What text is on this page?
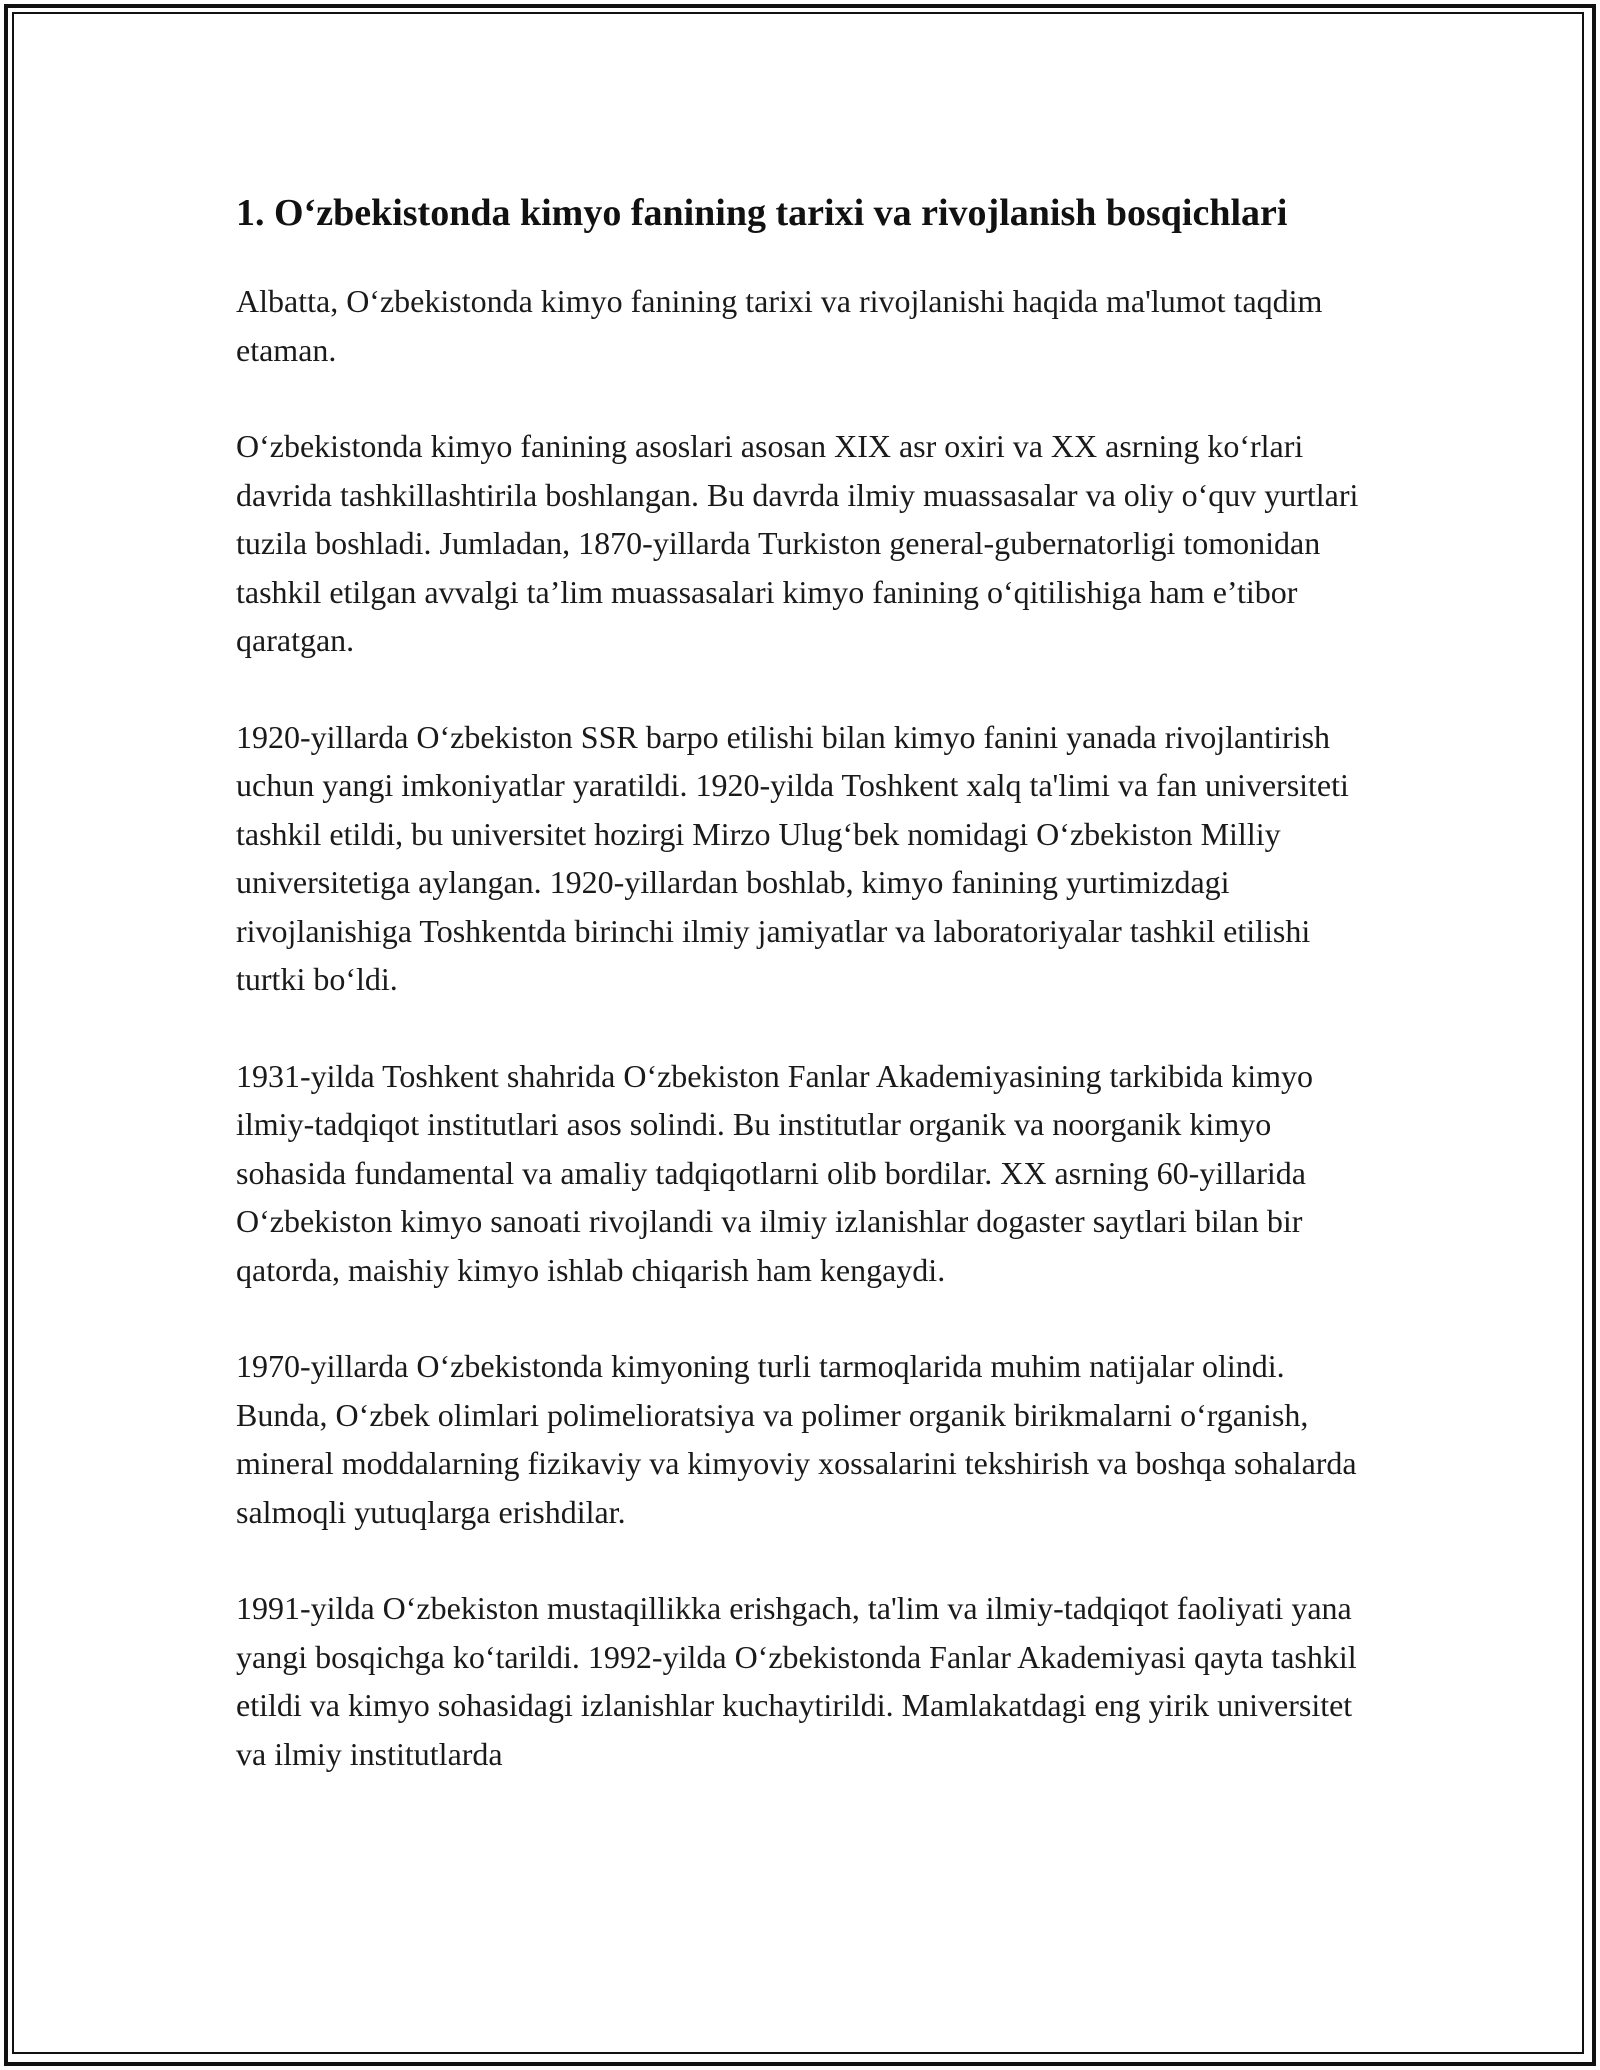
1. O‘zbekistonda kimyo fanining tarixi va rivojlanish bosqichlari

Albatta, O‘zbekistonda kimyo fanining tarixi va rivojlanishi haqida ma'lumot taqdim etaman.

O‘zbekistonda kimyo fanining asoslari asosan XIX asr oxiri va XX asrning ko‘rlari davrida tashkillashtirila boshlangan. Bu davrda ilmiy muassasalar va oliy o‘quv yurtlari tuzila boshladi. Jumladan, 1870-yillarda Turkiston general-gubernatorligi tomonidan tashkil etilgan avvalgi ta’lim muassasalari kimyo fanining o‘qitilishiga ham e’tibor qaratgan.

1920-yillarda O‘zbekiston SSR barpo etilishi bilan kimyo fanini yanada rivojlantirish uchun yangi imkoniyatlar yaratildi. 1920-yilda Toshkent xalq ta'limi va fan universiteti tashkil etildi, bu universitet hozirgi Mirzo Ulug‘bek nomidagi O‘zbekiston Milliy universitetiga aylangan. 1920-yillardan boshlab, kimyo fanining yurtimizdagi rivojlanishiga Toshkentda birinchi ilmiy jamiyatlar va laboratoriyalar tashkil etilishi turtki bo‘ldi.

1931-yilda Toshkent shahrida O‘zbekiston Fanlar Akademiyasining tarkibida kimyo ilmiy-tadqiqot institutlari asos solindi. Bu institutlar organik va noorganik kimyo sohasida fundamental va amaliy tadqiqotlarni olib bordilar. XX asrning 60-yillarida O‘zbekiston kimyo sanoati rivojlandi va ilmiy izlanishlar dogaster saytlari bilan bir qatorda, maishiy kimyo ishlab chiqarish ham kengaydi.

1970-yillarda O‘zbekistonda kimyoning turli tarmoqlarida muhim natijalar olindi. Bunda, O‘zbek olimlari polimelioratsiya va polimer organik birikmalarni o‘rganish, mineral moddalarning fizikaviy va kimyoviy xossalarini tekshirish va boshqa sohalarda salmoqli yutuqlarga erishdilar.

1991-yilda O‘zbekiston mustaqillikka erishgach, ta'lim va ilmiy-tadqiqot faoliyati yana yangi bosqichga ko‘tarildi. 1992-yilda O‘zbekistonda Fanlar Akademiyasi qayta tashkil etildi va kimyo sohasidagi izlanishlar kuchaytirildi. Mamlakatdagi eng yirik universitet va ilmiy institutlarda
